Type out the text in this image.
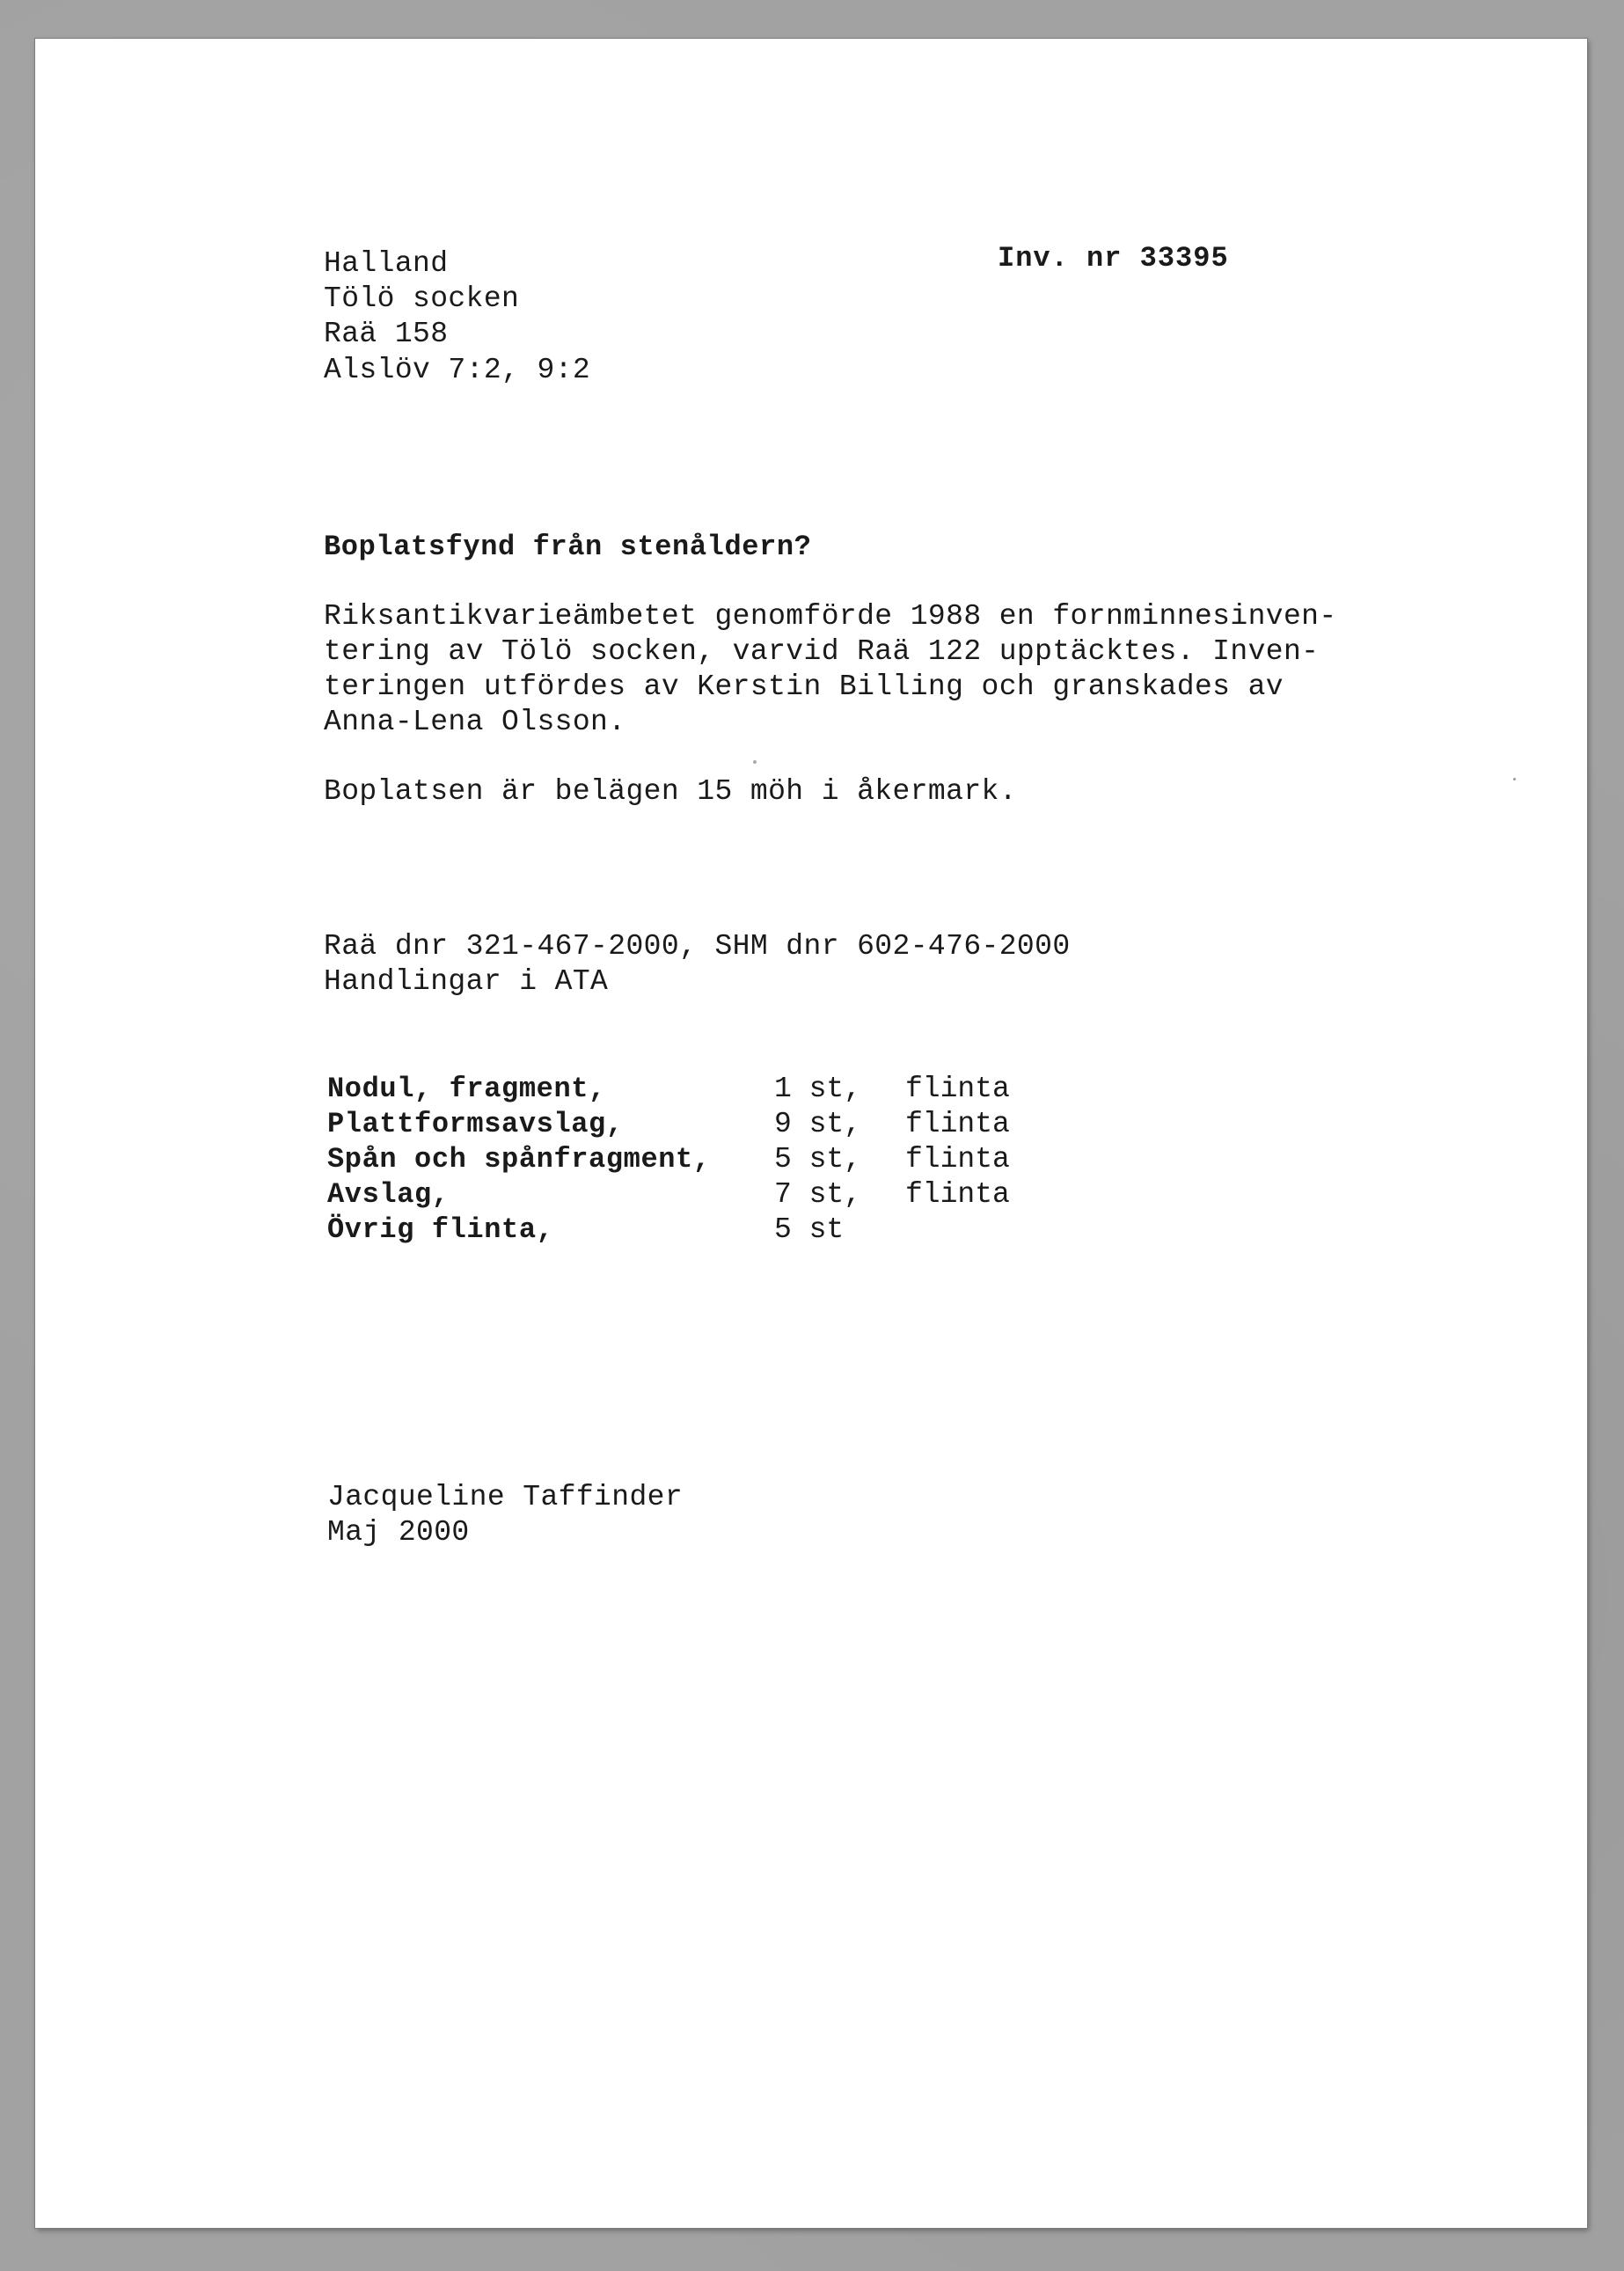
Halland
Tölö socken
Raä 158
Alslöv 7:2, 9:2
Inv. nr 33395
Boplatsfynd från stenåldern?
Riksantikvarieämbetet genomförde 1988 en fornminnesinven-
tering av Tölö socken, varvid Raä 122 upptäcktes. Inven-
teringen utfördes av Kerstin Billing och granskades av
Anna-Lena Olsson.
Boplatsen är belägen 15 möh i åkermark.
Raä dnr 321-467-2000, SHM dnr 602-476-2000
Handlingar i ATA
Nodul, fragment,	1 st, flinta
Plattformsavslag,	9 st, flinta
Spån och spånfragment, 5 st, flinta
Avslag,	7 st, flinta
Övrig flinta,	5 st
Jacqueline Taffinder
Maj 2000
